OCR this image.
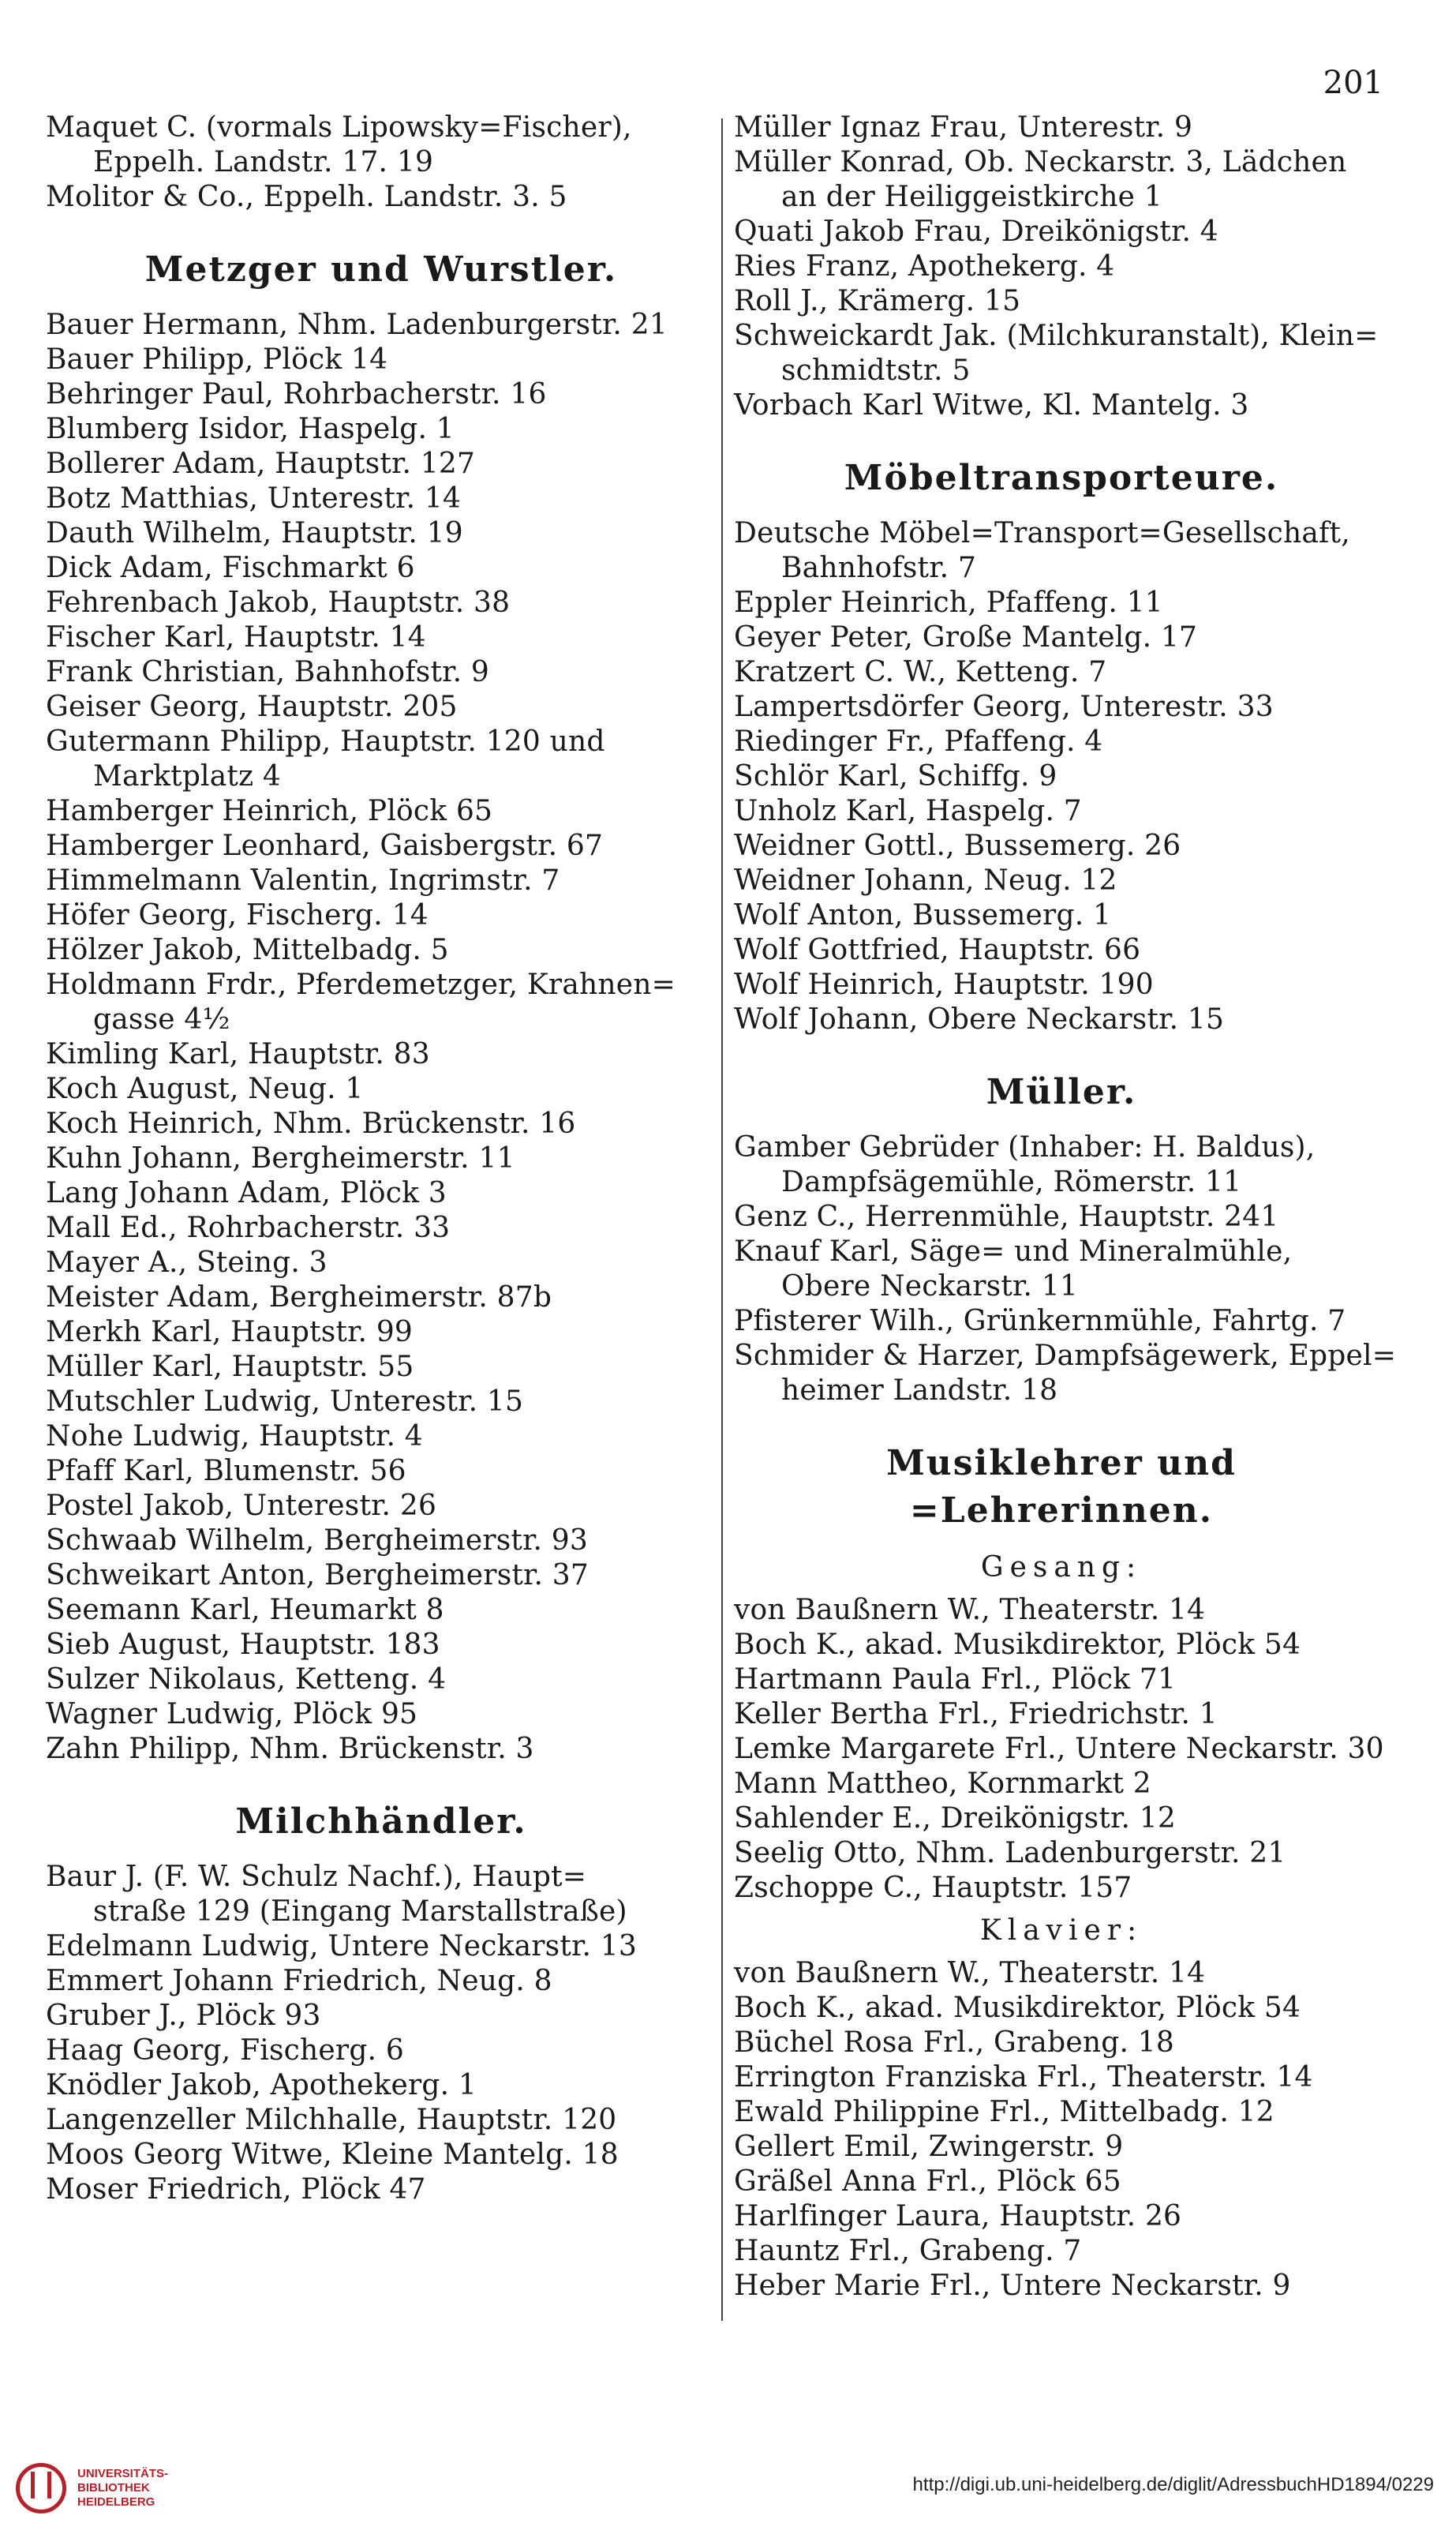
201
Maquet C. (vormals Lipowsky=Fischer),
Eppelh. Landstr. 17. 19
Molitor & Co., Eppelh. Landstr. 3. 5
Metzger und Wurstler.
Bauer Hermann, Nhm. Ladenburgerstr. 21
Bauer Philipp, Plöck 14
Behringer Paul, Rohrbacherstr. 16
Blumberg Isidor, Haspelg. 1
Bollerer Adam, Hauptstr. 127
Botz Matthias, Unterestr. 14
Dauth Wilhelm, Hauptstr. 19
Dick Adam, Fischmarkt 6
Fehrenbach Jakob, Hauptstr. 38
Fischer Karl, Hauptstr. 14
Frank Christian, Bahnhofstr. 9
Geiser Georg, Hauptstr. 205
Gutermann Philipp, Hauptstr. 120 und
Marktplatz 4
Hamberger Heinrich, Plöck 65
Hamberger Leonhard, Gaisbergstr. 67
Himmelmann Valentin, Ingrimstr. 7
Höfer Georg, Fischerg. 14
Hölzer Jakob, Mittelbadg. 5
Holdmann Frdr., Pferdemetzger, Krahnen=
gasse 4½
Kimling Karl, Hauptstr. 83
Koch August, Neug. 1
Koch Heinrich, Nhm. Brückenstr. 16
Kuhn Johann, Bergheimerstr. 11
Lang Johann Adam, Plöck 3
Mall Ed., Rohrbacherstr. 33
Mayer A., Steing. 3
Meister Adam, Bergheimerstr. 87b
Merkh Karl, Hauptstr. 99
Müller Karl, Hauptstr. 55
Mutschler Ludwig, Unterestr. 15
Nohe Ludwig, Hauptstr. 4
Pfaff Karl, Blumenstr. 56
Postel Jakob, Unterestr. 26
Schwaab Wilhelm, Bergheimerstr. 93
Schweikart Anton, Bergheimerstr. 37
Seemann Karl, Heumarkt 8
Sieb August, Hauptstr. 183
Sulzer Nikolaus, Ketteng. 4
Wagner Ludwig, Plöck 95
Zahn Philipp, Nhm. Brückenstr. 3
Milchhändler.
Baur J. (F. W. Schulz Nachf.), Haupt=
straße 129 (Eingang Marstallstraße)
Edelmann Ludwig, Untere Neckarstr. 13
Emmert Johann Friedrich, Neug. 8
Gruber J., Plöck 93
Haag Georg, Fischerg. 6
Knödler Jakob, Apothekerg. 1
Langenzeller Milchhalle, Hauptstr. 120
Moos Georg Witwe, Kleine Mantelg. 18
Moser Friedrich, Plöck 47
Müller Ignaz Frau, Unterestr. 9
Müller Konrad, Ob. Neckarstr. 3, Lädchen
an der Heiliggeistkirche 1
Quati Jakob Frau, Dreikönigstr. 4
Ries Franz, Apothekerg. 4
Roll J., Krämerg. 15
Schweickardt Jak. (Milchkuranstalt), Klein=
schmidtstr. 5
Vorbach Karl Witwe, Kl. Mantelg. 3
Möbeltransporteure.
Deutsche Möbel=Transport=Gesellschaft,
Bahnhofstr. 7
Eppler Heinrich, Pfaffeng. 11
Geyer Peter, Große Mantelg. 17
Kratzert C. W., Ketteng. 7
Lampertsdörfer Georg, Unterestr. 33
Riedinger Fr., Pfaffeng. 4
Schlör Karl, Schiffg. 9
Unholz Karl, Haspelg. 7
Weidner Gottl., Bussemerg. 26
Weidner Johann, Neug. 12
Wolf Anton, Bussemerg. 1
Wolf Gottfried, Hauptstr. 66
Wolf Heinrich, Hauptstr. 190
Wolf Johann, Obere Neckarstr. 15
Müller.
Gamber Gebrüder (Inhaber: H. Baldus),
Dampfsägemühle, Römerstr. 11
Genz C., Herrenmühle, Hauptstr. 241
Knauf Karl, Säge= und Mineralmühle,
Obere Neckarstr. 11
Pfisterer Wilh., Grünkernmühle, Fahrtg. 7
Schmider & Harzer, Dampfsägewerk, Eppel=
heimer Landstr. 18
Musiklehrer und =Lehrerinnen.
Gesang:
von Baußnern W., Theaterstr. 14
Boch K., akad. Musikdirektor, Plöck 54
Hartmann Paula Frl., Plöck 71
Keller Bertha Frl., Friedrichstr. 1
Lemke Margarete Frl., Untere Neckarstr. 30
Mann Mattheo, Kornmarkt 2
Sahlender E., Dreikönigstr. 12
Seelig Otto, Nhm. Ladenburgerstr. 21
Zschoppe C., Hauptstr. 157
Klavier:
von Baußnern W., Theaterstr. 14
Boch K., akad. Musikdirektor, Plöck 54
Büchel Rosa Frl., Grabeng. 18
Errington Franziska Frl., Theaterstr. 14
Ewald Philippine Frl., Mittelbadg. 12
Gellert Emil, Zwingerstr. 9
Gräßel Anna Frl., Plöck 65
Harlfinger Laura, Hauptstr. 26
Hauntz Frl., Grabeng. 7
Heber Marie Frl., Untere Neckarstr. 9
UNIVERSITÄTS-
BIBLIOTHEK
HEIDELBERG
http://digi.ub.uni-heidelberg.de/diglit/AdressbuchHD1894/0229
